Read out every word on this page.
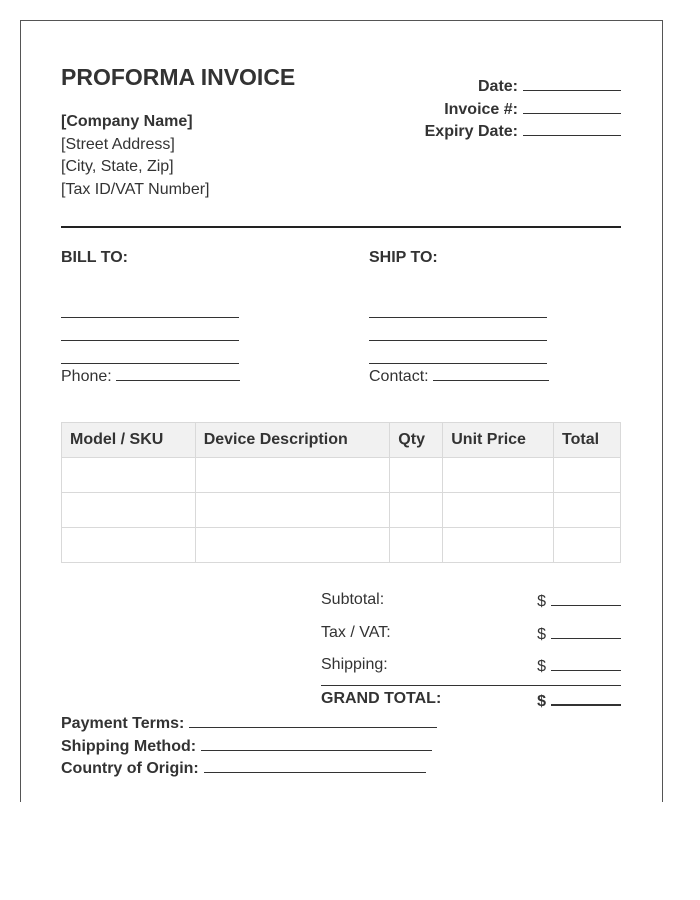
PROFORMA INVOICE
[Company Name]
[Street Address]
[City, State, Zip]
[Tax ID/VAT Number]
Date:
Invoice #:
Expiry Date:
BILL TO:
Phone:
SHIP TO:
Contact:
Model / SKU	Device Description	Qty	Unit Price	Total

Subtotal:	$
Tax / VAT:	$
Shipping:	$
GRAND TOTAL:	$
Payment Terms:
Shipping Method:
Country of Origin:
